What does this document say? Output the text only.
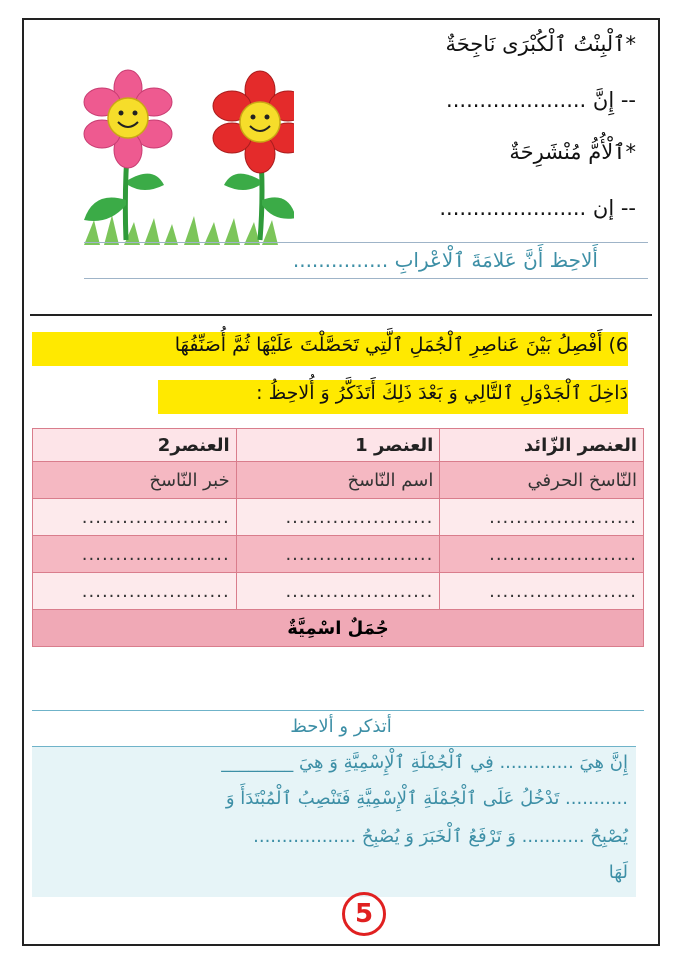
*ٱلْبِنْتُ ٱلْكُبْرَى نَاجِحَةٌ
-- إِنَّ .....................
*ٱلْأُمُّ مُنْشَرِحَةٌ
-- إن ......................
أَلاحِظ أَنَّ عَلامَةَ ٱلْاعْرابِ ...............
6) أَفْصِلُ بَيْنَ عَناصِرِ ٱلْجُمَلِ ٱلَّتِي تَحَصَّلْتَ عَلَيْهَا ثُمَّ أُصَنِّفُهَا
دَاخِلَ ٱلْجَدْوَلِ ٱلتَّالِي وَ بَعْدَ ذَلِكَ أَتَذَكَّرُ وَ أُلاحِظُ :
العنصر الزّائد	العنصر 1	العنصر2
النّاسخ الحرفي	اسم النّاسخ	خبر النّاسخ
......................	......................	......................
......................	......................	......................
......................	......................	......................
جُمَلٌ اسْمِيَّةٌ		
أتذكر و ألاحظ
إِنَّ هِيَ ............. فِي ٱلْجُمْلَةِ ٱلْإِسْمِيَّةِ وَ هِيَ ________
........... تَدْخُلُ عَلَى ٱلْجُمْلَةِ ٱلْإِسْمِيَّةِ فَتَنْصِبُ ٱلْمُبْتَدَأَ وَ
يُصْبِحُ ........... وَ تَرْفَعُ ٱلْخَبَرَ وَ يُصْبِحُ ..................
لَهَا
5
